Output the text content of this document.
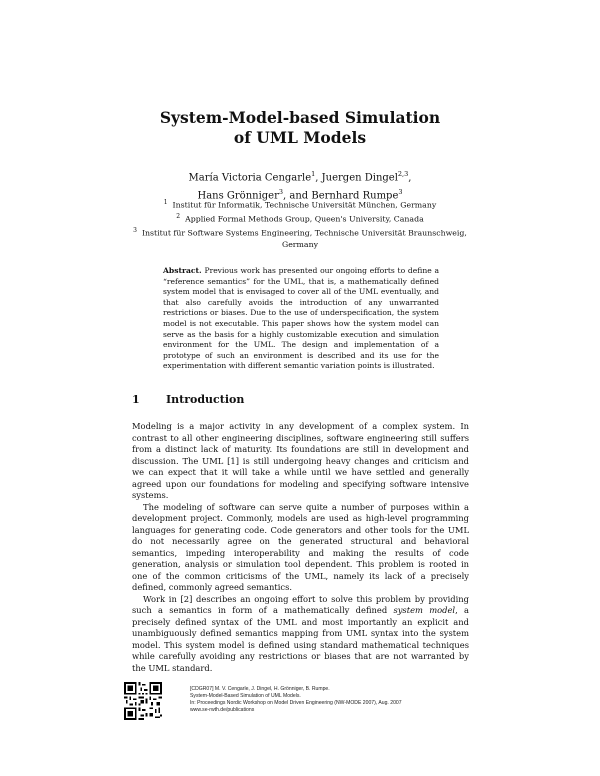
System-Model-based Simulation
of UML Models
María Victoria Cengarle$^1$, Juergen Dingel$^{2,3}$,
Hans Grönniger$^3$, and Bernhard Rumpe$^3$
$^1$ Institut für Informatik, Technische Universität München, Germany
$^2$ Applied Formal Methods Group, Queen's University, Canada
$^3$ Institut für Software Systems Engineering, Technische Universität Braunschweig,
Germany
Abstract. Previous work has presented our ongoing efforts to define a “reference semantics” for the UML, that is, a mathematically defined system model that is envisaged to cover all of the UML eventually, and that also carefully avoids the introduction of any unwarranted restrictions or biases. Due to the use of underspecification, the system model is not executable. This paper shows how the system model can serve as the basis for a highly customizable execution and simulation environment for the UML. The design and implementation of a prototype of such an environment is described and its use for the experimentation with different semantic variation points is illustrated.
1 Introduction

Modeling is a major activity in any development of a complex system. In contrast to all other engineering disciplines, software engineering still suffers from a distinct lack of maturity. Its foundations are still in development and discussion. The UML [1] is still undergoing heavy changes and criticism and we can expect that it will take a while until we have settled and generally agreed upon our foundations for modeling and specifying software intensive systems.

The modeling of software can serve quite a number of purposes within a development project. Commonly, models are used as high-level programming languages for generating code. Code generators and other tools for the UML do not necessarily agree on the generated structural and behavioral semantics, impeding interoperability and making the results of code generation, analysis or simulation tool dependent. This problem is rooted in one of the common criticisms of the UML, namely its lack of a precisely defined, commonly agreed semantics.

Work in [2] describes an ongoing effort to solve this problem by providing such a semantics in form of a mathematically defined system model, a precisely defined syntax of the UML and most importantly an explicit and unambiguously defined semantics mapping from UML syntax into the system model. This system model is defined using standard mathematical techniques while carefully avoiding any restrictions or biases that are not warranted by the UML standard.

[CDGR07] M. V. Cengarle, J. Dingel, H. Grönniger, B. Rumpe.
System-Model-Based Simulation of UML Models.
In: Proceedings Nordic Workshop on Model Driven Engineering (NW-MODE 2007), Aug. 2007
www.se-rwth.de/publications
